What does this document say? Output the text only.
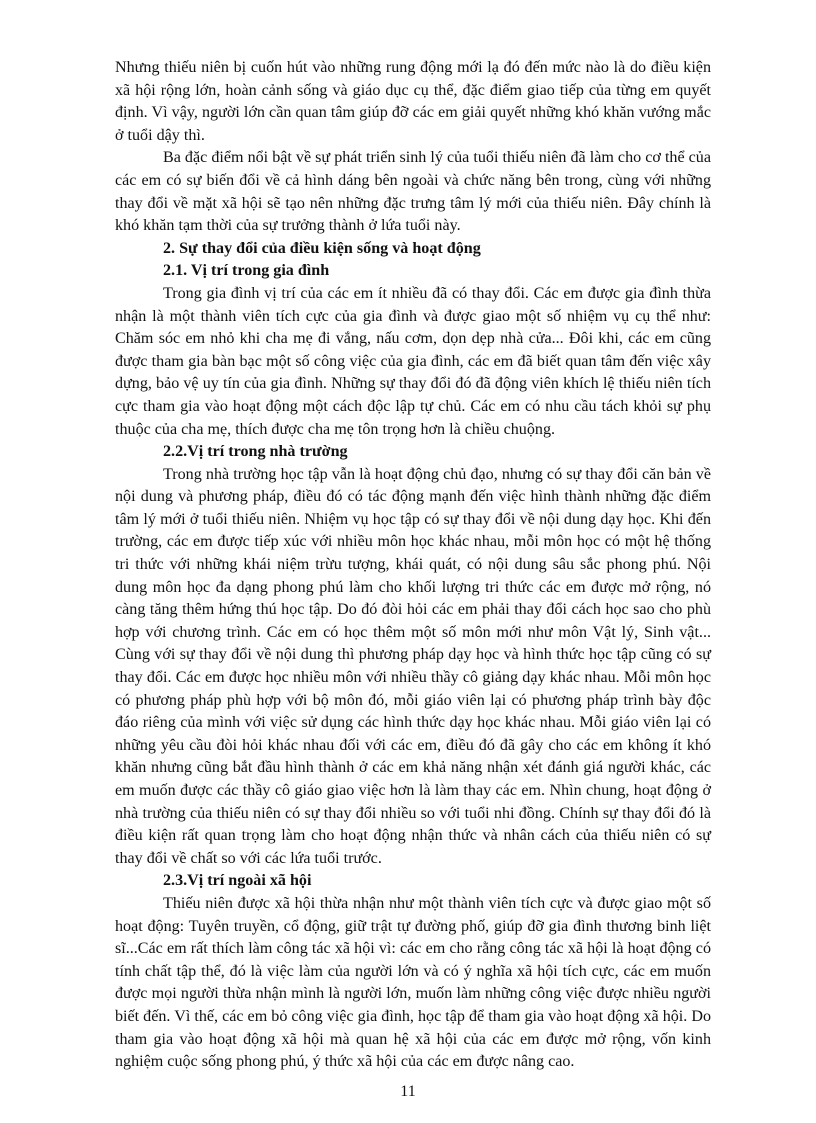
Nhưng thiếu niên bị cuốn hút vào những rung động mới lạ đó đến mức nào là do điều kiện xã hội rộng lớn, hoàn cảnh sống và giáo dục cụ thể, đặc điểm giao tiếp của từng em quyết định. Vì vậy, người lớn cần quan tâm giúp đỡ các em giải quyết những khó khăn vướng mắc ở tuổi dậy thì.

Ba đặc điểm nổi bật về sự phát triển sinh lý của tuổi thiếu niên đã làm cho cơ thể của các em có sự biến đổi về cả hình dáng bên ngoài và chức năng bên trong, cùng với những thay đổi về mặt xã hội sẽ tạo nên những đặc trưng tâm lý mới của thiếu niên. Đây chính là khó khăn tạm thời của sự trưởng thành ở lứa tuổi này.

2. Sự thay đổi của điều kiện sống và hoạt động
2.1. Vị trí trong gia đình

Trong gia đình vị trí của các em ít nhiều đã có thay đổi. Các em được gia đình thừa nhận là một thành viên tích cực của gia đình và được giao một số nhiệm vụ cụ thể như: Chăm sóc em nhỏ khi cha mẹ đi vắng, nấu cơm, dọn dẹp nhà cửa... Đôi khi, các em cũng được tham gia bàn bạc một số công việc của gia đình, các em đã biết quan tâm đến việc xây dựng, bảo vệ uy tín của gia đình. Những sự thay đổi đó đã động viên khích lệ thiếu niên tích cực tham gia vào hoạt động một cách độc lập tự chủ. Các em có nhu cầu tách khỏi sự phụ thuộc của cha mẹ, thích được cha mẹ tôn trọng hơn là chiều chuộng.

2.2.Vị trí trong nhà trường

Trong nhà trường học tập vẫn là hoạt động chủ đạo, nhưng có sự thay đổi căn bản về nội dung và phương pháp, điều đó có tác động mạnh đến việc hình thành những đặc điểm tâm lý mới ở tuổi thiếu niên. Nhiệm vụ học tập có sự thay đổi về nội dung dạy học. Khi đến trường, các em được tiếp xúc với nhiều môn học khác nhau, mỗi môn học có một hệ thống tri thức với những khái niệm trừu tượng, khái quát, có nội dung sâu sắc phong phú. Nội dung môn học đa dạng phong phú làm cho khối lượng tri thức các em được mở rộng, nó càng tăng thêm hứng thú học tập. Do đó đòi hỏi các em phải thay đổi cách học sao cho phù hợp với chương trình. Các em có học thêm một số môn mới như môn Vật lý, Sinh vật... Cùng với sự thay đổi về nội dung thì phương pháp dạy học và hình thức học tập cũng có sự thay đổi. Các em được học nhiều môn với nhiều thầy cô giảng dạy khác nhau. Mỗi môn học có phương pháp phù hợp với bộ môn đó, mỗi giáo viên lại có phương pháp trình bày độc đáo riêng của mình với việc sử dụng các hình thức dạy học khác nhau. Mỗi giáo viên lại có những yêu cầu đòi hỏi khác nhau đối với các em, điều đó đã gây cho các em không ít khó khăn nhưng cũng bắt đầu hình thành ở các em khả năng nhận xét đánh giá người khác, các em muốn được các thầy cô giáo giao việc hơn là làm thay các em. Nhìn chung, hoạt động ở nhà trường của thiếu niên có sự thay đổi nhiều so với tuổi nhi đồng. Chính sự thay đổi đó là điều kiện rất quan trọng làm cho hoạt động nhận thức và nhân cách của thiếu niên có sự thay đổi về chất so với các lứa tuổi trước.

2.3.Vị trí ngoài xã hội

Thiếu niên được xã hội thừa nhận như một thành viên tích cực và được giao một số hoạt động: Tuyên truyền, cổ động, giữ trật tự đường phố, giúp đỡ gia đình thương binh liệt sĩ...Các em rất thích làm công tác xã hội vì: các em cho rằng công tác xã hội là hoạt động có tính chất tập thể, đó là việc làm của người lớn và có ý nghĩa xã hội tích cực, các em muốn được mọi người thừa nhận mình là người lớn, muốn làm những công việc được nhiều người biết đến. Vì thế, các em bỏ công việc gia đình, học tập để tham gia vào hoạt động xã hội. Do tham gia vào hoạt động xã hội mà quan hệ xã hội của các em được mở rộng, vốn kinh nghiệm cuộc sống phong phú, ý thức xã hội của các em được nâng cao.

11
